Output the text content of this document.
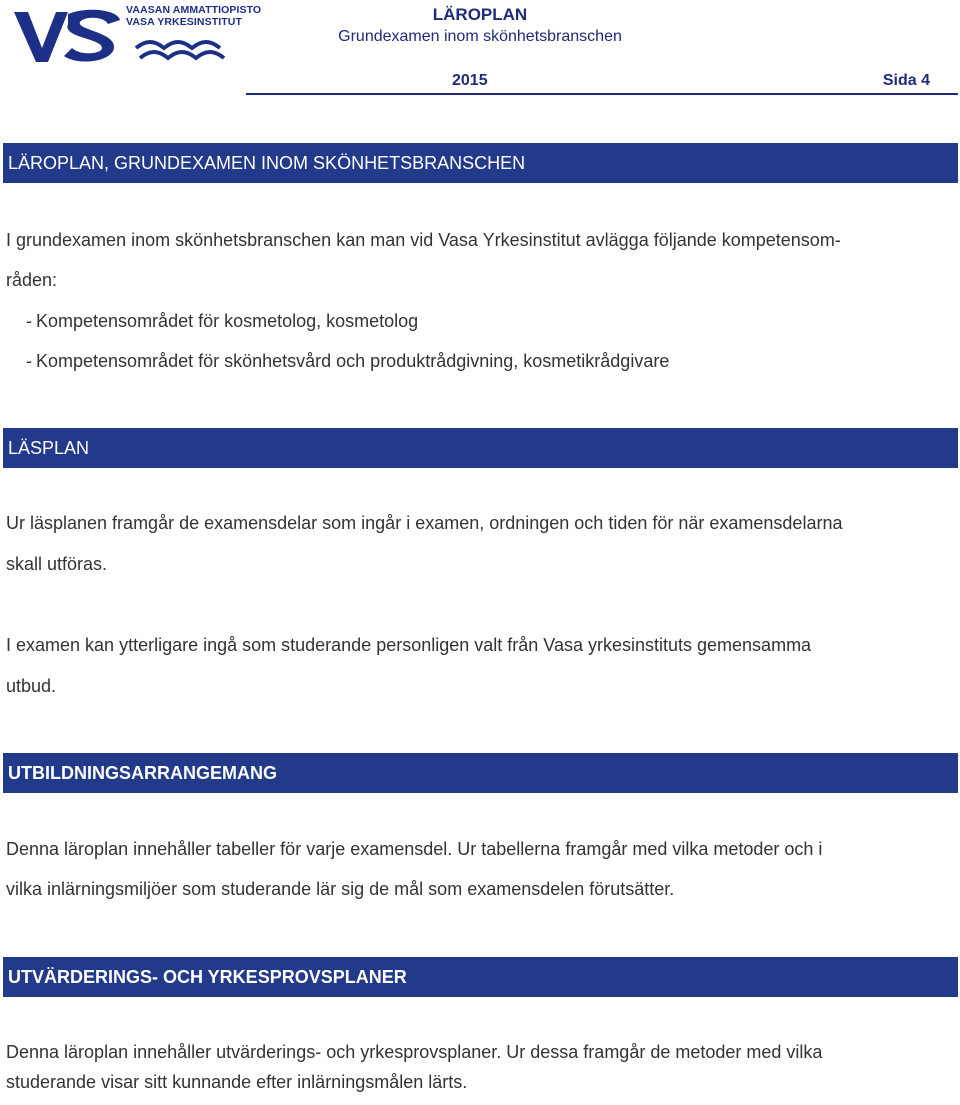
VAASAN AMMATTIOPISTO
VASA YRKESINSTITUT	LÄROPLAN
Grundexamen inom skönhetsbranschen
2015	Sida 4
LÄROPLAN, GRUNDEXAMEN INOM SKÖNHETSBRANSCHEN
I grundexamen inom skönhetsbranschen kan man vid Vasa Yrkesinstitut avlägga följande kompetensom-
råden:
- Kompetensområdet för kosmetolog, kosmetolog
- Kompetensområdet för skönhetsvård och produktrådgivning, kosmetikrådgivare
LÄSPLAN
Ur läsplanen framgår de examensdelar som ingår i examen, ordningen och tiden för när examensdelarna
skall utföras.
I examen kan ytterligare ingå som studerande personligen valt från Vasa yrkesinstituts gemensamma
utbud.
UTBILDNINGSARRANGEMANG
Denna läroplan innehåller tabeller för varje examensdel. Ur tabellerna framgår med vilka metoder och i
vilka inlärningsmiljöer som studerande lär sig de mål som examensdelen förutsätter.
UTVÄRDERINGS- OCH YRKESPROVSPLANER
Denna läroplan innehåller utvärderings- och yrkesprovsplaner. Ur dessa framgår de metoder med vilka
studerande visar sitt kunnande efter inlärningsmålen lärts.
